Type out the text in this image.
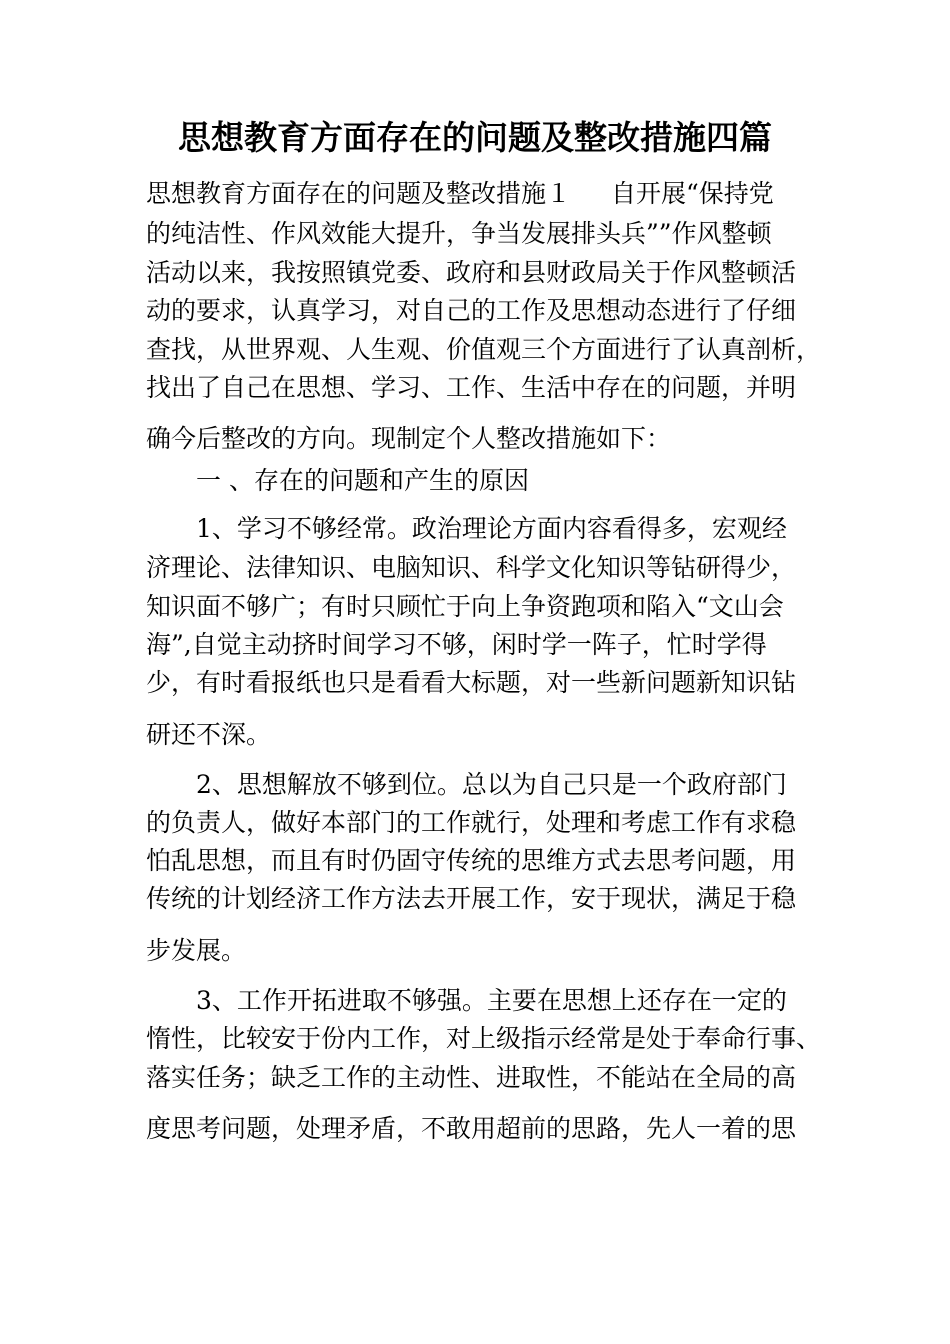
思想教育方面存在的问题及整改措施四篇
思想教育方面存在的问题及整改措施１ 自开展“保持党
的纯洁性、作风效能大提升，争当发展排头兵””作风整顿
活动以来，我按照镇党委、政府和县财政局关于作风整顿活
动的要求，认真学习，对自己的工作及思想动态进行了仔细
查找，从世界观、人生观、价值观三个方面进行了认真剖析，
找出了自己在思想、学习、工作、生活中存在的问题，并明
确今后整改的方向。现制定个人整改措施如下：
一 、存在的问题和产生的原因
1、学习不够经常。政治理论方面内容看得多，宏观经
济理论、法律知识、电脑知识、科学文化知识等钻研得少，
知识面不够广；有时只顾忙于向上争资跑项和陷入“文山会
海”,自觉主动挤时间学习不够，闲时学一阵子，忙时学得
少，有时看报纸也只是看看大标题，对一些新问题新知识钻
研还不深。
2、思想解放不够到位。总以为自己只是一个政府部门
的负责人，做好本部门的工作就行，处理和考虑工作有求稳
怕乱思想，而且有时仍固守传统的思维方式去思考问题，用
传统的计划经济工作方法去开展工作，安于现状，满足于稳
步发展。
3、工作开拓进取不够强。主要在思想上还存在一定的
惰性，比较安于份内工作，对上级指示经常是处于奉命行事、
落实任务；缺乏工作的主动性、进取性，不能站在全局的高
度思考问题，处理矛盾，不敢用超前的思路，先人一着的思
